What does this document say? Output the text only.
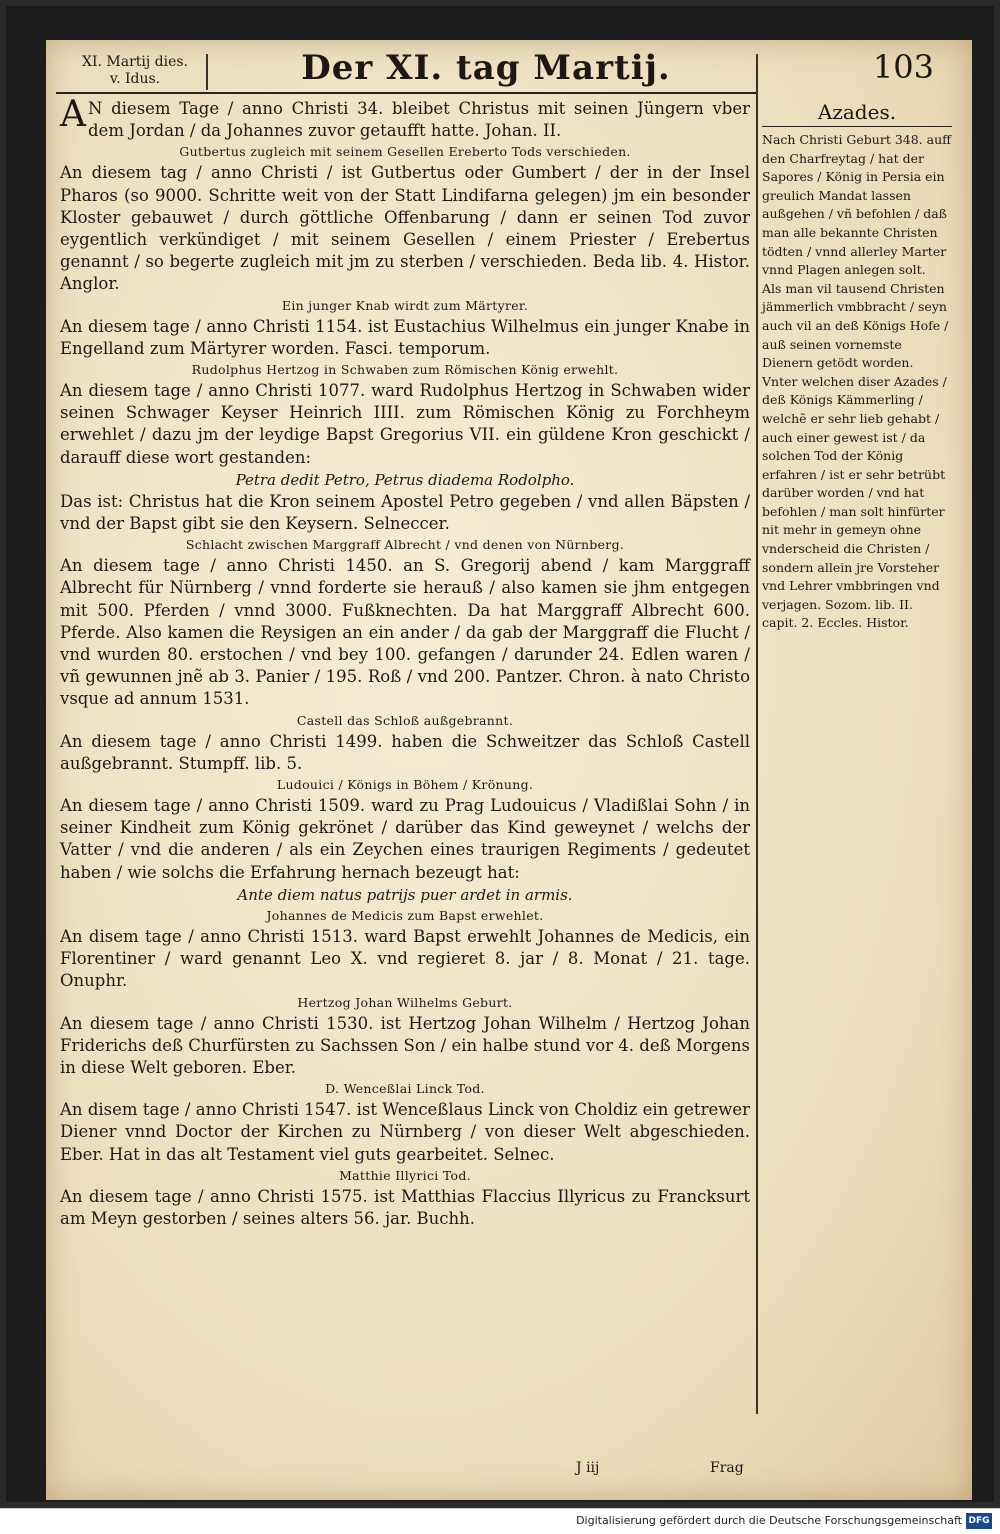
XI. Martij dies.
v. Idus.	Der XI. tag Martij.	103

AN diesem Tage / anno Christi 34. bleibet Christus mit seinen Jüngern vber dem Jordan / da Johannes zuvor getaufft hatte. Johan. II.

Gutbertus zugleich mit seinem Gesellen Ereberto Tods verschieden.

An diesem tag / anno Christi / ist Gutbertus oder Gumbert / der in der Insel Pharos (so 9000. Schritte weit von der Statt Lindifarna gelegen) jm ein besonder Kloster gebauwet / durch göttliche Offenbarung / dann er seinen Tod zuvor eygentlich verkündiget / mit seinem Gesellen / einem Priester / Erebertus genannt / so begerte zugleich mit jm zu sterben / verschieden. Beda lib. 4. Histor. Anglor.

Ein junger Knab wirdt zum Märtyrer.

An diesem tage / anno Christi 1154. ist Eustachius Wilhelmus ein junger Knabe in Engelland zum Märtyrer worden. Fasci. temporum.

Rudolphus Hertzog in Schwaben zum Römischen König erwehlt.

An diesem tage / anno Christi 1077. ward Rudolphus Hertzog in Schwaben wider seinen Schwager Keyser Heinrich IIII. zum Römischen König zu Forchheym erwehlet / dazu jm der leydige Bapst Gregorius VII. ein güldene Kron geschickt / darauff diese wort gestanden:

Petra dedit Petro, Petrus diadema Rodolpho.

Das ist: Christus hat die Kron seinem Apostel Petro gegeben / vnd allen Bäpsten / vnd der Bapst gibt sie den Keysern. Selneccer.

Schlacht zwischen Marggraff Albrecht / vnd denen von Nürnberg.

An diesem tage / anno Christi 1450. an S. Gregorij abend / kam Marggraff Albrecht für Nürnberg / vnnd forderte sie herauß / also kamen sie jhm entgegen mit 500. Pferden / vnnd 3000. Fußknechten. Da hat Marggraff Albrecht 600. Pferde. Also kamen die Reysigen an ein ander / da gab der Marggraff die Flucht / vnd wurden 80. erstochen / vnd bey 100. gefangen / darunder 24. Edlen waren / vñ gewunnen jnẽ ab 3. Panier / 195. Roß / vnd 200. Pantzer. Chron. à nato Christo vsque ad annum 1531.

Castell das Schloß außgebrannt.

An diesem tage / anno Christi 1499. haben die Schweitzer das Schloß Castell außgebrannt. Stumpff. lib. 5.

Ludouici / Königs in Böhem / Krönung.

An diesem tage / anno Christi 1509. ward zu Prag Ludouicus / Vladißlai Sohn / in seiner Kindheit zum König gekrönet / darüber das Kind geweynet / welchs der Vatter / vnd die anderen / als ein Zeychen eines traurigen Regiments / gedeutet haben / wie solchs die Erfahrung hernach bezeugt hat:

Ante diem natus patrijs puer ardet in armis.

Johannes de Medicis zum Bapst erwehlet.

An disem tage / anno Christi 1513. ward Bapst erwehlt Johannes de Medicis, ein Florentiner / ward genannt Leo X. vnd regieret 8. jar / 8. Monat / 21. tage. Onuphr.

Hertzog Johan Wilhelms Geburt.

An diesem tage / anno Christi 1530. ist Hertzog Johan Wilhelm / Hertzog Johan Friderichs deß Churfürsten zu Sachssen Son / ein halbe stund vor 4. deß Morgens in diese Welt geboren. Eber.

D. Wenceßlai Linck Tod.

An disem tage / anno Christi 1547. ist Wenceßlaus Linck von Choldiz ein getrewer Diener vnnd Doctor der Kirchen zu Nürnberg / von dieser Welt abgeschieden. Eber. Hat in das alt Testament viel guts gearbeitet. Selnec.

Matthie Illyrici Tod.

An diesem tage / anno Christi 1575. ist Matthias Flaccius Illyricus zu Francksurt am Meyn gestorben / seines alters 56. jar. Buchh.

Azades.

Nach Christi Geburt 348. auff den Charfreytag / hat der Sapores / König in Persia ein greulich Mandat lassen außgehen / vñ befohlen / daß man alle bekannte Christen tödten / vnnd allerley Marter vnnd Plagen anlegen solt.

Als man vil tausend Christen jämmerlich vmbbracht / seyn auch vil an deß Königs Hofe / auß seinen vornemste Dienern getödt worden. Vnter welchen diser Azades / deß Königs Kämmerling / welchẽ er sehr lieb gehabt / auch einer gewest ist / da solchen Tod der König erfahren / ist er sehr betrübt darüber worden / vnd hat befohlen / man solt hinfürter nit mehr in gemeyn ohne vnderscheid die Christen / sondern allein jre Vorsteher vnd Lehrer vmbbringen vnd verjagen. Sozom. lib. II. capit. 2. Eccles. Histor.

J iij	Frag
Digitalisierung gefördert durch die Deutsche Forschungsgemeinschaft DFG
